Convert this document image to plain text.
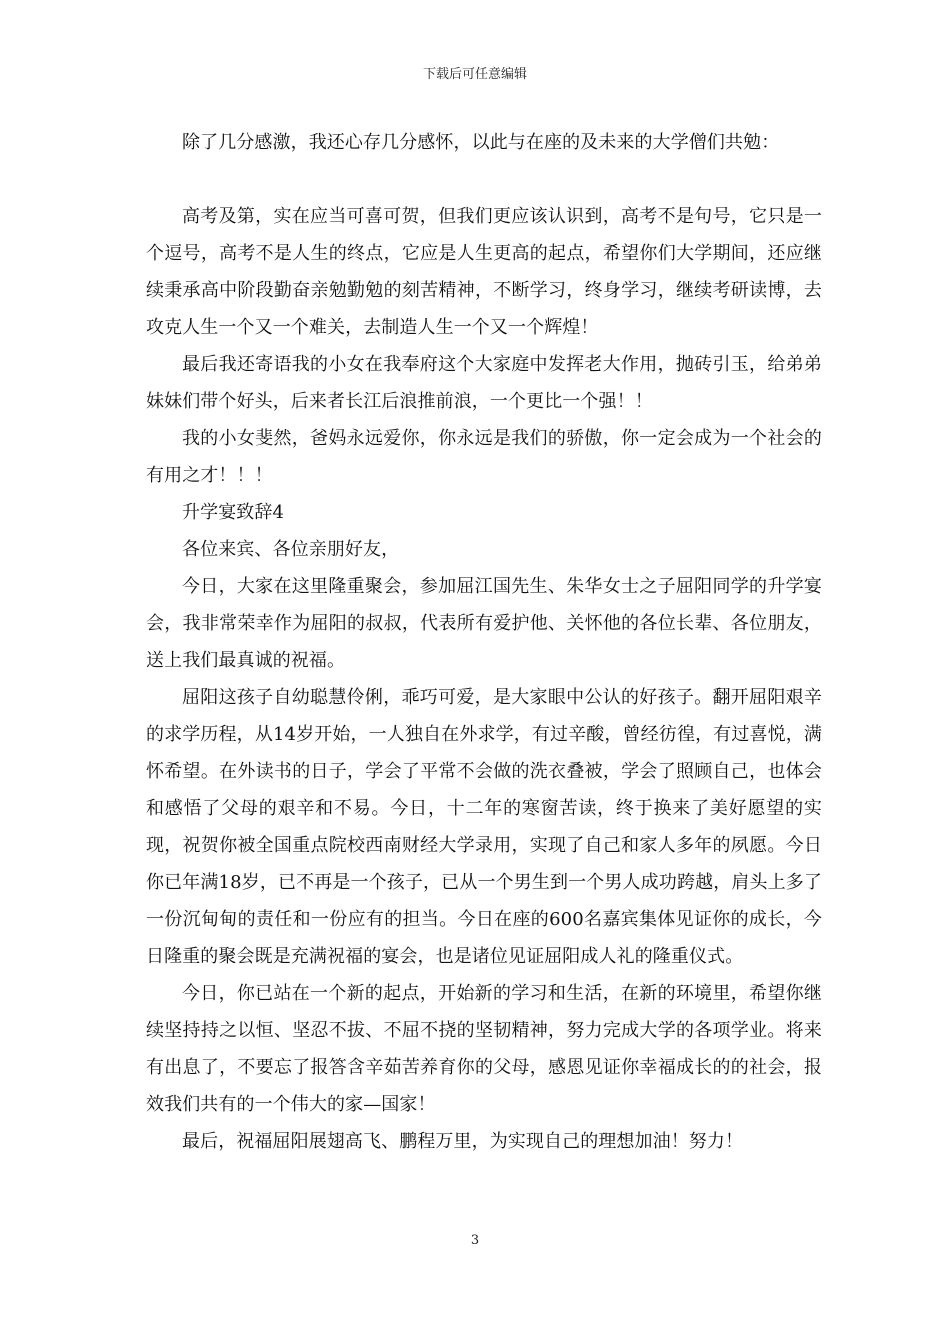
下载后可任意编辑

除了几分感激，我还心存几分感怀，以此与在座的及未来的大学僧们共勉：

高考及第，实在应当可喜可贺，但我们更应该认识到，高考不是句号，它只是一个逗号，高考不是人生的终点，它应是人生更高的起点，希望你们大学期间，还应继续秉承高中阶段勤奋亲勉勤勉的刻苦精神，不断学习，终身学习，继续考研读博，去攻克人生一个又一个难关，去制造人生一个又一个辉煌！

最后我还寄语我的小女在我奉府这个大家庭中发挥老大作用，抛砖引玉，给弟弟妹妹们带个好头，后来者长江后浪推前浪，一个更比一个强！！

我的小女斐然，爸妈永远爱你，你永远是我们的骄傲，你一定会成为一个社会的有用之才！！！

升学宴致辞4

各位来宾、各位亲朋好友，

今日，大家在这里隆重聚会，参加屈江国先生、朱华女士之子屈阳同学的升学宴会，我非常荣幸作为屈阳的叔叔，代表所有爱护他、关怀他的各位长辈、各位朋友，送上我们最真诚的祝福。

屈阳这孩子自幼聪慧伶俐，乖巧可爱，是大家眼中公认的好孩子。翻开屈阳艰辛的求学历程，从14岁开始，一人独自在外求学，有过辛酸，曾经彷徨，有过喜悦，满怀希望。在外读书的日子，学会了平常不会做的洗衣叠被，学会了照顾自己，也体会和感悟了父母的艰辛和不易。今日，十二年的寒窗苦读，终于换来了美好愿望的实现，祝贺你被全国重点院校西南财经大学录用，实现了自己和家人多年的夙愿。今日你已年满18岁，已不再是一个孩子，已从一个男生到一个男人成功跨越，肩头上多了一份沉甸甸的责任和一份应有的担当。今日在座的600名嘉宾集体见证你的成长，今日隆重的聚会既是充满祝福的宴会，也是诸位见证屈阳成人礼的隆重仪式。

今日，你已站在一个新的起点，开始新的学习和生活，在新的环境里，希望你继续坚持持之以恒、坚忍不拔、不屈不挠的坚韧精神，努力完成大学的各项学业。将来有出息了，不要忘了报答含辛茹苦养育你的父母，感恩见证你幸福成长的的社会，报效我们共有的一个伟大的家—国家！

最后，祝福屈阳展翅高飞、鹏程万里，为实现自己的理想加油！努力！

3
